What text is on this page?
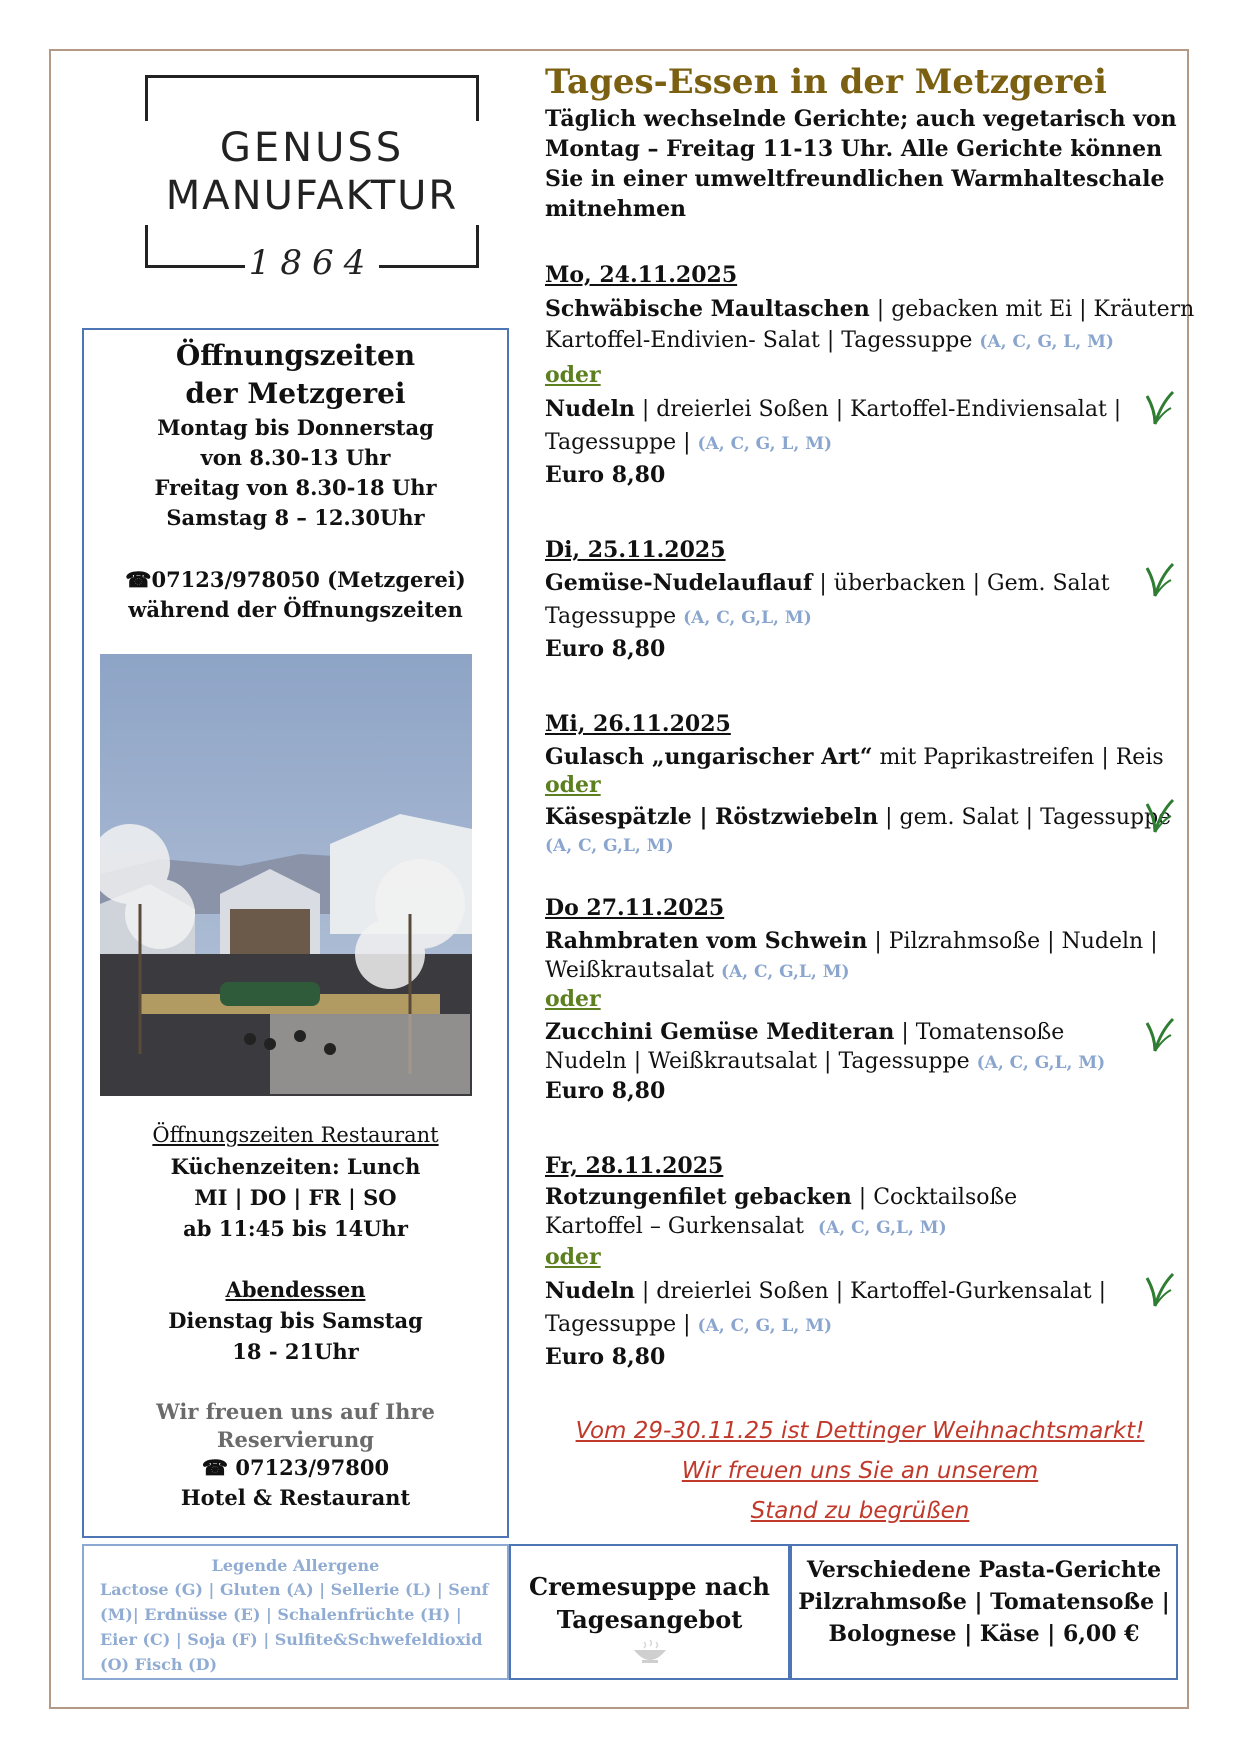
GENUSS
MANUFAKTUR
1864
Öffnungszeiten
der Metzgerei
Montag bis Donnerstag
von 8.30-13 Uhr
Freitag von 8.30-18 Uhr
Samstag 8 – 12.30Uhr
☎07123/978050 (Metzgerei)
während der Öffnungszeiten
Öffnungszeiten Restaurant
Küchenzeiten: Lunch
MI | DO | FR | SO
ab 11:45 bis 14Uhr
Abendessen
Dienstag bis Samstag
18 - 21Uhr
Wir freuen uns auf Ihre
Reservierung
☎ 07123/97800
Hotel & Restaurant
Legende Allergene
Lactose (G) | Gluten (A) | Sellerie (L) | Senf (M)| Erdnüsse (E) | Schalenfrüchte (H) | Eier (C) | Soja (F) | Sulfite&Schwefeldioxid (O) Fisch (D)
Cremesuppe nach
Tagesangebot
Verschiedene Pasta-Gerichte
Pilzrahmsoße | Tomatensoße |
Bolognese | Käse | 6,00 €
Tages-Essen in der Metzgerei
Täglich wechselnde Gerichte; auch vegetarisch von Montag – Freitag 11-13 Uhr. Alle Gerichte können Sie in einer umweltfreundlichen Warmhalteschale mitnehmen
Mo, 24.11.2025
Schwäbische Maultaschen | gebacken mit Ei | Kräutern
Kartoffel-Endivien- Salat | Tagessuppe (A, C, G, L, M)
oder
Nudeln | dreierlei Soßen | Kartoffel-Endiviensalat |
Tagessuppe | (A, C, G, L, M)
Euro 8,80
Di, 25.11.2025
Gemüse-Nudelauflauf | überbacken | Gem. Salat
Tagessuppe (A, C, G,L, M)
Euro 8,80
Mi, 26.11.2025
Gulasch „ungarischer Art“ mit Paprikastreifen | Reis
oder
Käsespätzle | Röstzwiebeln | gem. Salat | Tagessuppe
(A, C, G,L, M)
Do 27.11.2025
Rahmbraten vom Schwein | Pilzrahmsoße | Nudeln |
Weißkrautsalat (A, C, G,L, M)
oder
Zucchini Gemüse Mediteran | Tomatensoße
Nudeln | Weißkrautsalat | Tagessuppe (A, C, G,L, M)
Euro 8,80
Fr, 28.11.2025
Rotzungenfilet gebacken | Cocktailsoße
Kartoffel – Gurkensalat (A, C, G,L, M)
oder
Nudeln | dreierlei Soßen | Kartoffel-Gurkensalat |
Tagessuppe | (A, C, G, L, M)
Euro 8,80
Vom 29-30.11.25 ist Dettinger Weihnachtsmarkt!
Wir freuen uns Sie an unserem
Stand zu begrüßen
